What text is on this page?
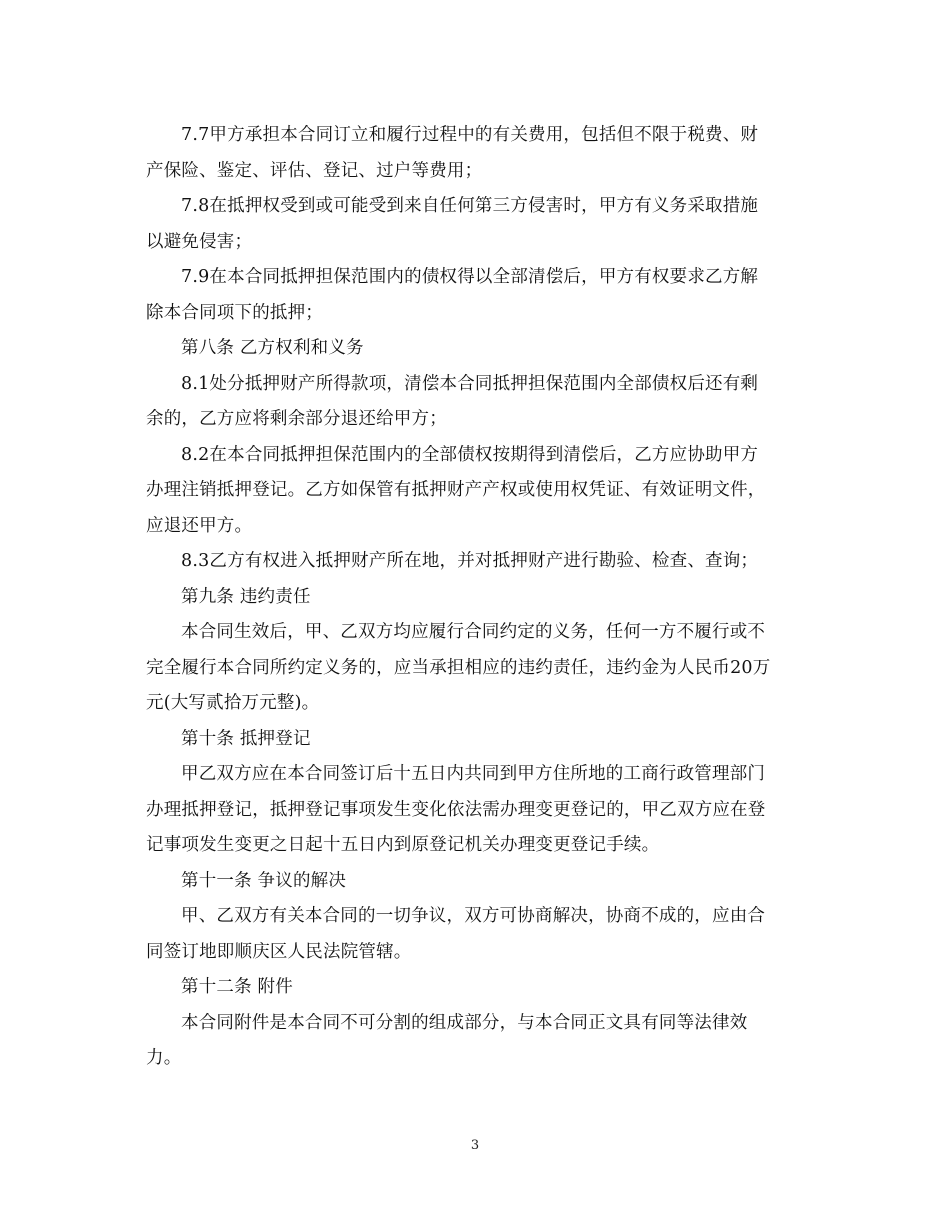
7.7甲方承担本合同订立和履行过程中的有关费用，包括但不限于税费、财
产保险、鉴定、评估、登记、过户等费用；
7.8在抵押权受到或可能受到来自任何第三方侵害时，甲方有义务采取措施
以避免侵害；
7.9在本合同抵押担保范围内的债权得以全部清偿后，甲方有权要求乙方解
除本合同项下的抵押；
第八条 乙方权利和义务
8.1处分抵押财产所得款项，清偿本合同抵押担保范围内全部债权后还有剩
余的，乙方应将剩余部分退还给甲方；
8.2在本合同抵押担保范围内的全部债权按期得到清偿后，乙方应协助甲方
办理注销抵押登记。乙方如保管有抵押财产产权或使用权凭证、有效证明文件，
应退还甲方。
8.3乙方有权进入抵押财产所在地，并对抵押财产进行勘验、检查、查询；
第九条 违约责任
本合同生效后，甲、乙双方均应履行合同约定的义务，任何一方不履行或不
完全履行本合同所约定义务的，应当承担相应的违约责任，违约金为人民币20万
元(大写贰拾万元整)。
第十条 抵押登记
甲乙双方应在本合同签订后十五日内共同到甲方住所地的工商行政管理部门
办理抵押登记，抵押登记事项发生变化依法需办理变更登记的，甲乙双方应在登
记事项发生变更之日起十五日内到原登记机关办理变更登记手续。
第十一条 争议的解决
甲、乙双方有关本合同的一切争议，双方可协商解决，协商不成的，应由合
同签订地即顺庆区人民法院管辖。
第十二条 附件
本合同附件是本合同不可分割的组成部分，与本合同正文具有同等法律效
力。
3
